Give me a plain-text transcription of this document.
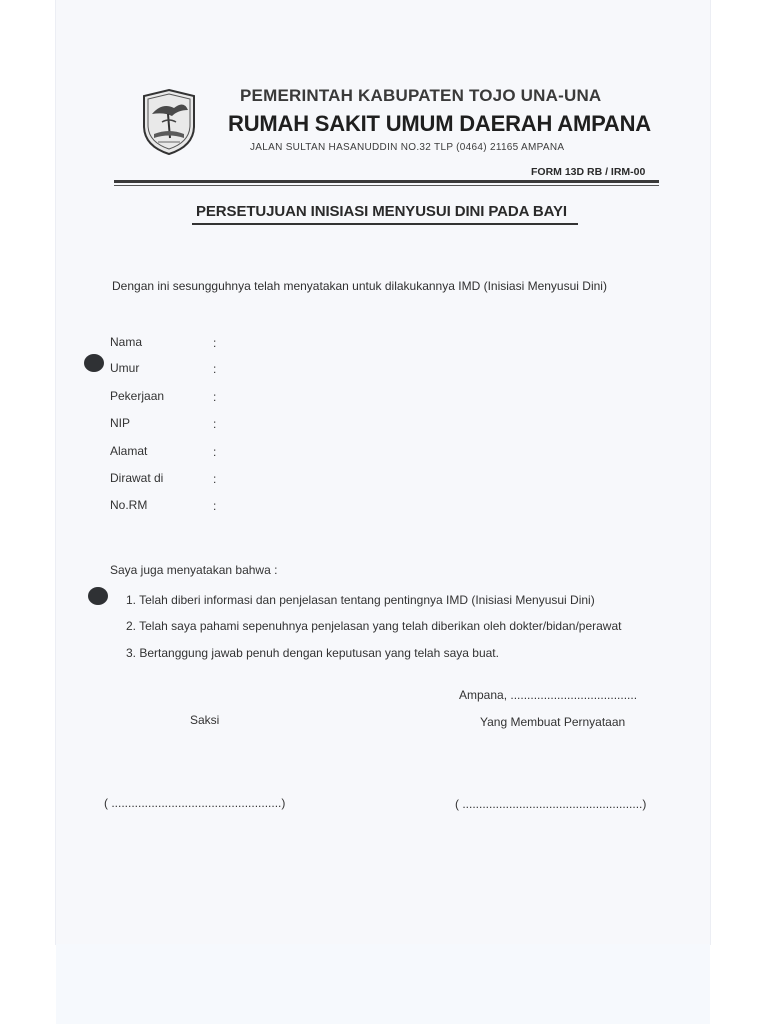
PEMERINTAH KABUPATEN TOJO UNA-UNA
RUMAH SAKIT UMUM DAERAH AMPANA
JALAN SULTAN HASANUDDIN NO.32 TLP (0464) 21165 AMPANA
FORM 13D RB / IRM-00
PERSETUJUAN INISIASI MENYUSUI DINI PADA BAYI
Dengan ini sesungguhnya telah menyatakan untuk dilakukannya IMD (Inisiasi Menyusui Dini)
Nama	:
Umur	:
Pekerjaan	:
NIP	:
Alamat	:
Dirawat di	:
No.RM	:
Saya juga menyatakan bahwa :
1. Telah diberi informasi dan penjelasan tentang pentingnya IMD (Inisiasi Menyusui Dini)
2. Telah saya pahami sepenuhnya penjelasan yang telah diberikan oleh dokter/bidan/perawat
3. Bertanggung jawab penuh dengan keputusan yang telah saya buat.
Ampana, ......................................
Saksi	Yang Membuat Pernyataan
( ...................................................)	( ......................................................)
